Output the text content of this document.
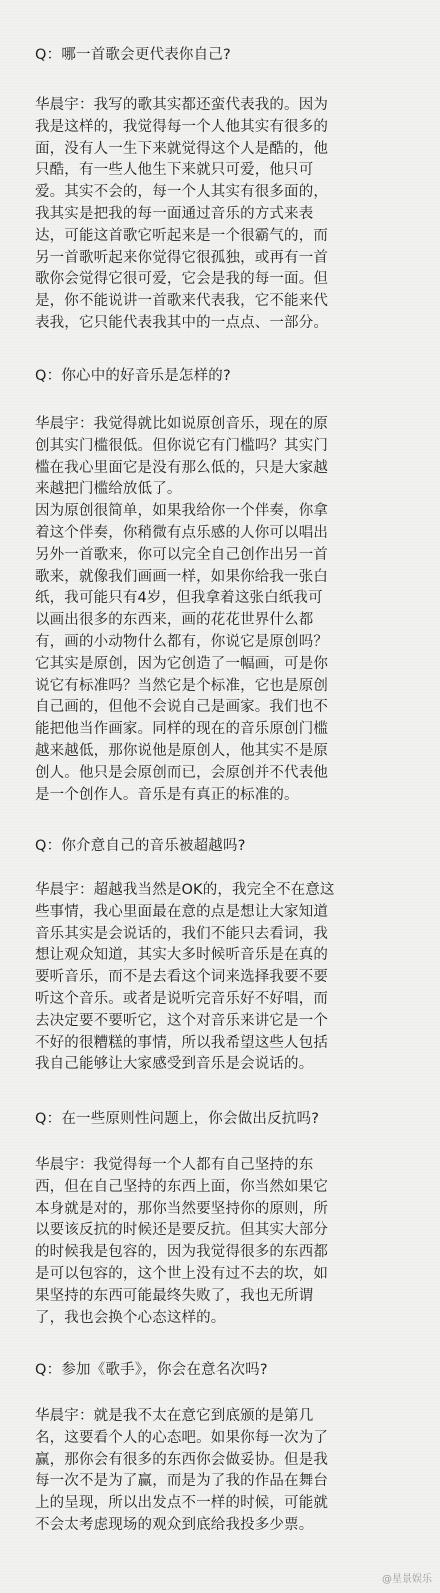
Q：哪一首歌会更代表你自己?
华晨宇：我写的歌其实都还蛮代表我的。因为
我是这样的，我觉得每一个人他其实有很多的
面，没有人一生下来就觉得这个人是酷的，他
只酷，有一些人他生下来就只可爱，他只可
爱。其实不会的，每一个人其实有很多面的，
我其实是把我的每一面通过音乐的方式来表
达，可能这首歌它听起来是一个很霸气的，而
另一首歌听起来你觉得它很孤独，或再有一首
歌你会觉得它很可爱，它会是我的每一面。但
是，你不能说讲一首歌来代表我，它不能来代
表我，它只能代表我其中的一点点、一部分。
Q：你心中的好音乐是怎样的?
华晨宇：我觉得就比如说原创音乐，现在的原
创其实门槛很低。但你说它有门槛吗？其实门
槛在我心里面它是没有那么低的，只是大家越
来越把门槛给放低了。
因为原创很简单，如果我给你一个伴奏，你拿
着这个伴奏，你稍微有点乐感的人你可以唱出
另外一首歌来，你可以完全自己创作出另一首
歌来，就像我们画画一样，如果你给我一张白
纸，我可能只有4岁，但我拿着这张白纸我可
以画出很多的东西来，画的花花世界什么都
有，画的小动物什么都有，你说它是原创吗？
它其实是原创，因为它创造了一幅画，可是你
说它有标准吗？当然它是个标准，它也是原创
自己画的，但他不会说自己是画家。我们也不
能把他当作画家。同样的现在的音乐原创门槛
越来越低，那你说他是原创人，他其实不是原
创人。他只是会原创而已，会原创并不代表他
是一个创作人。音乐是有真正的标准的。
Q：你介意自己的音乐被超越吗?
华晨宇：超越我当然是OK的，我完全不在意这
些事情，我心里面最在意的点是想让大家知道
音乐其实是会说话的，我们不能只去看词，我
想让观众知道，其实大多时候听音乐是在真的
要听音乐，而不是去看这个词来选择我要不要
听这个音乐。或者是说听完音乐好不好唱，而
去决定要不要听它，这个对音乐来讲它是一个
不好的很糟糕的事情，所以我希望这些人包括
我自己能够让大家感受到音乐是会说话的。
Q：在一些原则性问题上，你会做出反抗吗?
华晨宇：我觉得每一个人都有自己坚持的东
西，但在自己坚持的东西上面，你当然如果它
本身就是对的，那你当然要坚持你的原则，所
以要该反抗的时候还是要反抗。但其实大部分
的时候我是包容的，因为我觉得很多的东西都
是可以包容的，这个世上没有过不去的坎，如
果坚持的东西可能最终失败了，我也无所谓
了，我也会换个心态这样的。
Q：参加《歌手》，你会在意名次吗?
华晨宇：就是我不太在意它到底颁的是第几
名，这要看个人的心态吧。如果你每一次为了
赢，那你会有很多的东西你会做妥协。但是我
每一次不是为了赢，而是为了我的作品在舞台
上的呈现，所以出发点不一样的时候，可能就
不会太考虑现场的观众到底给我投多少票。
@星景娱乐
